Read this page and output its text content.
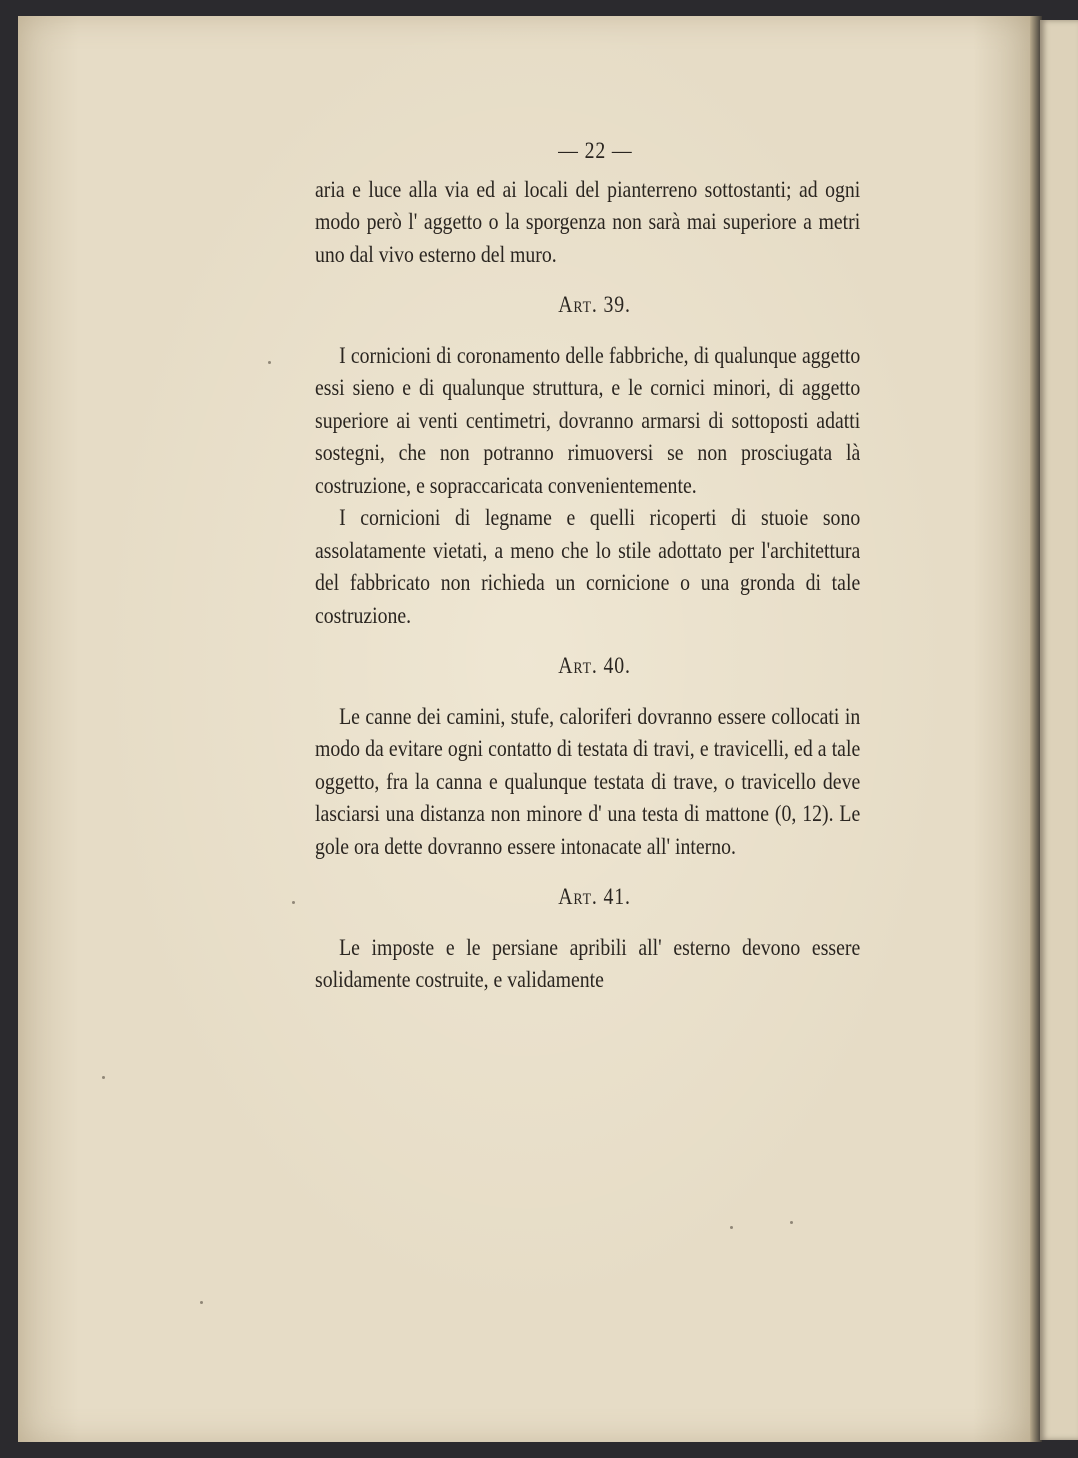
— 22 —

aria e luce alla via ed ai locali del pianterreno sottostanti; ad ogni modo però l' aggetto o la sporgenza non sarà mai superiore a metri uno dal vivo esterno del muro.

Art. 39.

I cornicioni di coronamento delle fabbriche, di qualunque aggetto essi sieno e di qualunque struttura, e le cornici minori, di aggetto superiore ai venti centimetri, dovranno armarsi di sottoposti adatti sostegni, che non potranno rimuoversi se non prosciugata là costruzione, e sopraccaricata convenientemente.

I cornicioni di legname e quelli ricoperti di stuoie sono assolatamente vietati, a meno che lo stile adottato per l'architettura del fabbricato non richieda un cornicione o una gronda di tale costruzione.

Art. 40.

Le canne dei camini, stufe, caloriferi dovranno essere collocati in modo da evitare ogni contatto di testata di travi, e travicelli, ed a tale oggetto, fra la canna e qualunque testata di trave, o travicello deve lasciarsi una distanza non minore d' una testa di mattone (0, 12). Le gole ora dette dovranno essere intonacate all' interno.

Art. 41.

Le imposte e le persiane apribili all' esterno devono essere solidamente costruite, e validamente
